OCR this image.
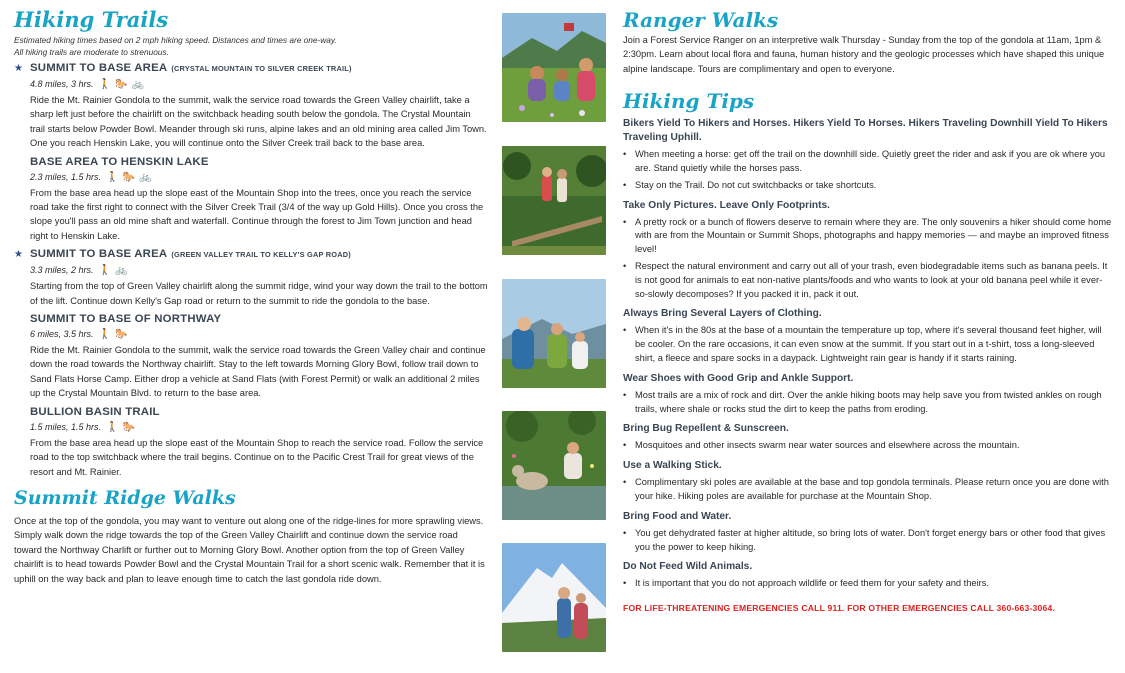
Hiking Trails

Estimated hiking times based on 2 mph hiking speed. Distances and times are one-way.
All hiking trails are moderate to strenuous.

★ SUMMIT TO BASE AREA (CRYSTAL MOUNTAIN TO SILVER CREEK TRAIL)
4.8 miles, 3 hrs. 🚶 🐎 🚲

Ride the Mt. Rainier Gondola to the summit, walk the service road towards the Green Valley chairlift, take a sharp left just before the chairlift on the switchback heading south below the gondola. The Crystal Mountain trail starts below Powder Bowl. Meander through ski runs, alpine lakes and an old mining area called Jim Town. One you reach Henskin Lake, you will continue onto the Silver Creek trail back to the base area.

BASE AREA TO HENSKIN LAKE
2.3 miles, 1.5 hrs. 🚶 🐎 🚲

From the base area head up the slope east of the Mountain Shop into the trees, once you reach the service road take the first right to connect with the Silver Creek Trail (3/4 of the way up Gold Hills). Once you cross the slope you'll pass an old mine shaft and waterfall. Continue through the forest to Jim Town junction and head right to Henskin Lake.

★ SUMMIT TO BASE AREA (GREEN VALLEY TRAIL TO KELLY'S GAP ROAD)
3.3 miles, 2 hrs. 🚶 🚲

Starting from the top of Green Valley chairlift along the summit ridge, wind your way down the trail to the bottom of the lift. Continue down Kelly's Gap road or return to the summit to ride the gondola to the base.

SUMMIT TO BASE OF NORTHWAY
6 miles, 3.5 hrs. 🚶 🐎

Ride the Mt. Rainier Gondola to the summit, walk the service road towards the Green Valley chair and continue down the road towards the Northway chairlift. Stay to the left towards Morning Glory Bowl, follow trail down to Sand Flats Horse Camp. Either drop a vehicle at Sand Flats (with Forest Permit) or walk an additional 2 miles up the Crystal Mountain Blvd. to return to the base area.

BULLION BASIN TRAIL
1.5 miles, 1.5 hrs. 🚶 🐎

From the base area head up the slope east of the Mountain Shop to reach the service road. Follow the service road to the top switchback where the trail begins. Continue on to the Pacific Crest Trail for great views of the resort and Mt. Rainier.

Summit Ridge Walks

Once at the top of the gondola, you may want to venture out along one of the ridge-lines for more sprawling views. Simply walk down the ridge towards the top of the Green Valley Chairlift and continue down the service road toward the Northway Charlift or further out to Morning Glory Bowl. Another option from the top of Green Valley chairlift is to head towards Powder Bowl and the Crystal Mountain Trail for a short scenic walk. Remember that it is uphill on the way back and plan to leave enough time to catch the last gondola ride down.

Ranger Walks

Join a Forest Service Ranger on an interpretive walk Thursday - Sunday from the top of the gondola at 11am, 1pm & 2:30pm. Learn about local flora and fauna, human history and the geologic processes which have shaped this unique alpine landscape. Tours are complimentary and open to everyone.

Hiking Tips
Bikers Yield To Hikers and Horses. Hikers Yield To Horses. Hikers Traveling Downhill Yield To Hikers Traveling Uphill.
• When meeting a horse: get off the trail on the downhill side. Quietly greet the rider and ask if you are ok where you are. Stand quietly while the horses pass.
• Stay on the Trail. Do not cut switchbacks or take shortcuts.
Take Only Pictures. Leave Only Footprints.
• A pretty rock or a bunch of flowers deserve to remain where they are. The only souvenirs a hiker should come home with are from the Mountain or Summit Shops, photographs and happy memories — and maybe an improved fitness level!
• Respect the natural environment and carry out all of your trash, even biodegradable items such as banana peels. It is not good for animals to eat non-native plants/foods and who wants to look at your old banana peel while it ever-so-slowly decomposes? If you packed it in, pack it out.
Always Bring Several Layers of Clothing.
• When it's in the 80s at the base of a mountain the temperature up top, where it's several thousand feet higher, will be cooler. On the rare occasions, it can even snow at the summit. If you start out in a t-shirt, toss a long-sleeved shirt, a fleece and spare socks in a daypack. Lightweight rain gear is handy if it starts raining.
Wear Shoes with Good Grip and Ankle Support.
• Most trails are a mix of rock and dirt. Over the ankle hiking boots may help save you from twisted ankles on rough trails, where shale or rocks stud the dirt to keep the paths from eroding.
Bring Bug Repellent & Sunscreen.
• Mosquitoes and other insects swarm near water sources and elsewhere across the mountain.
Use a Walking Stick.
• Complimentary ski poles are available at the base and top gondola terminals. Please return once you are done with your hike. Hiking poles are available for purchase at the Mountain Shop.
Bring Food and Water.
• You get dehydrated faster at higher altitude, so bring lots of water. Don't forget energy bars or other food that gives you the power to keep hiking.
Do Not Feed Wild Animals.
• It is important that you do not approach wildlife or feed them for your safety and theirs.
FOR LIFE-THREATENING EMERGENCIES CALL 911. FOR OTHER EMERGENCIES CALL 360-663-3064.
